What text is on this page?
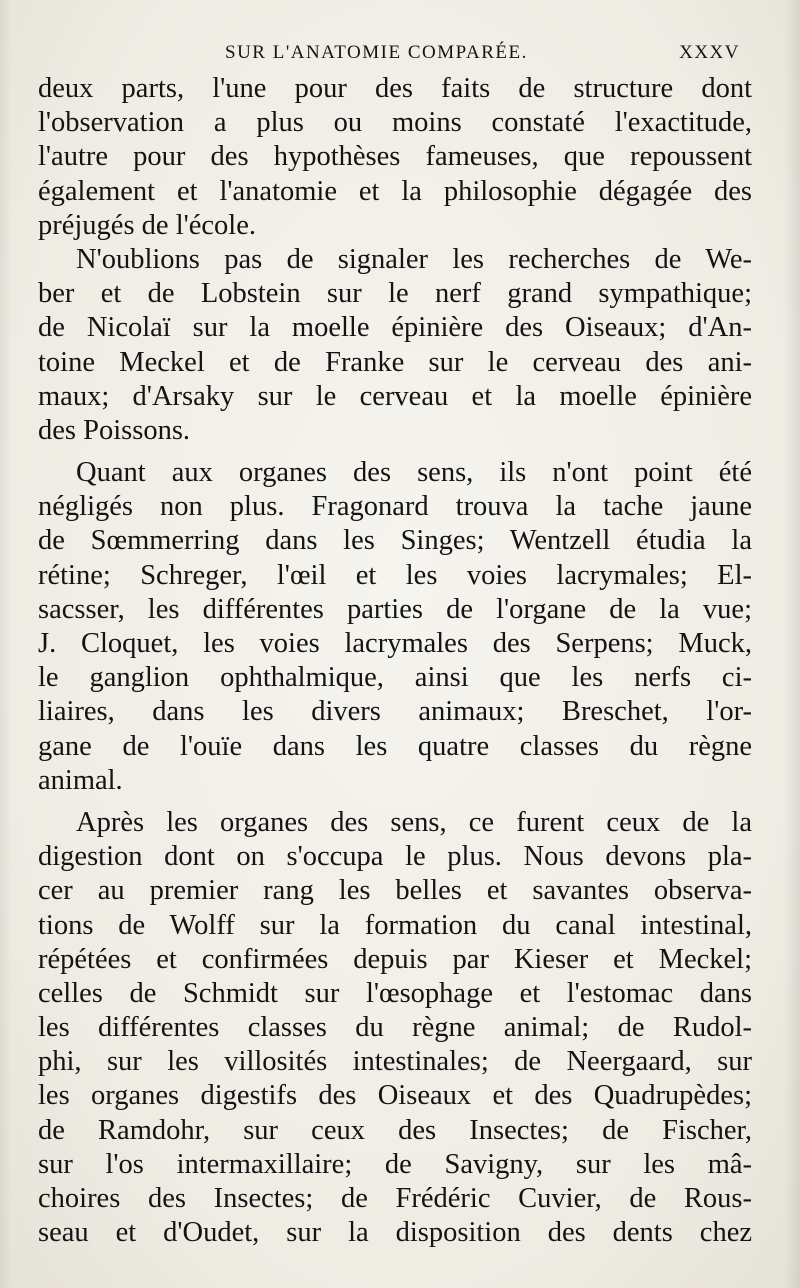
SUR L'ANATOMIE COMPARÉE.	XXXV
deux parts, l'une pour des faits de structure dont
l'observation a plus ou moins constaté l'exactitude,
l'autre pour des hypothèses fameuses, que repoussent
également et l'anatomie et la philosophie dégagée des
préjugés de l'école.
N'oublions pas de signaler les recherches de We-
ber et de Lobstein sur le nerf grand sympathique;
de Nicolaï sur la moelle épinière des Oiseaux; d'An-
toine Meckel et de Franke sur le cerveau des ani-
maux; d'Arsaky sur le cerveau et la moelle épinière
des Poissons.
Quant aux organes des sens, ils n'ont point été
négligés non plus. Fragonard trouva la tache jaune
de Sœmmerring dans les Singes; Wentzell étudia la
rétine; Schreger, l'œil et les voies lacrymales; El-
sacsser, les différentes parties de l'organe de la vue;
J. Cloquet, les voies lacrymales des Serpens; Muck,
le ganglion ophthalmique, ainsi que les nerfs ci-
liaires, dans les divers animaux; Breschet, l'or-
gane de l'ouïe dans les quatre classes du règne
animal.
Après les organes des sens, ce furent ceux de la
digestion dont on s'occupa le plus. Nous devons pla-
cer au premier rang les belles et savantes observa-
tions de Wolff sur la formation du canal intestinal,
répétées et confirmées depuis par Kieser et Meckel;
celles de Schmidt sur l'œsophage et l'estomac dans
les différentes classes du règne animal; de Rudol-
phi, sur les villosités intestinales; de Neergaard, sur
les organes digestifs des Oiseaux et des Quadrupèdes;
de Ramdohr, sur ceux des Insectes; de Fischer,
sur l'os intermaxillaire; de Savigny, sur les mâ-
choires des Insectes; de Frédéric Cuvier, de Rous-
seau et d'Oudet, sur la disposition des dents chez
